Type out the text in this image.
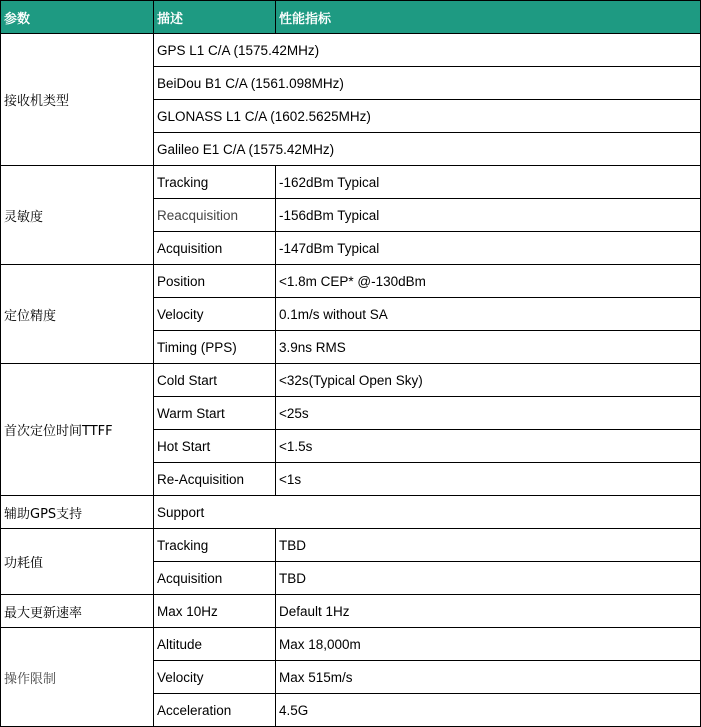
参数	描述	性能指标
接收机类型	GPS L1 C/A (1575.42MHz)	
	BeiDou B1 C/A (1561.098MHz)	
	GLONASS L1 C/A (1602.5625MHz)	
	Galileo E1 C/A (1575.42MHz)	
灵敏度	Tracking	-162dBm Typical
	Reacquisition	-156dBm Typical
	Acquisition	-147dBm Typical
定位精度	Position	<1.8m CEP* @-130dBm
	Velocity	0.1m/s without SA
	Timing (PPS)	3.9ns RMS
首次定位时间TTFF	Cold Start	<32s(Typical Open Sky)
	Warm Start	<25s
	Hot Start	<1.5s
	Re-Acquisition	<1s
辅助GPS支持	Support	
功耗值	Tracking	TBD
	Acquisition	TBD
最大更新速率	Max 10Hz	Default 1Hz
操作限制	Altitude	Max 18,000m
	Velocity	Max 515m/s
	Acceleration	4.5G
